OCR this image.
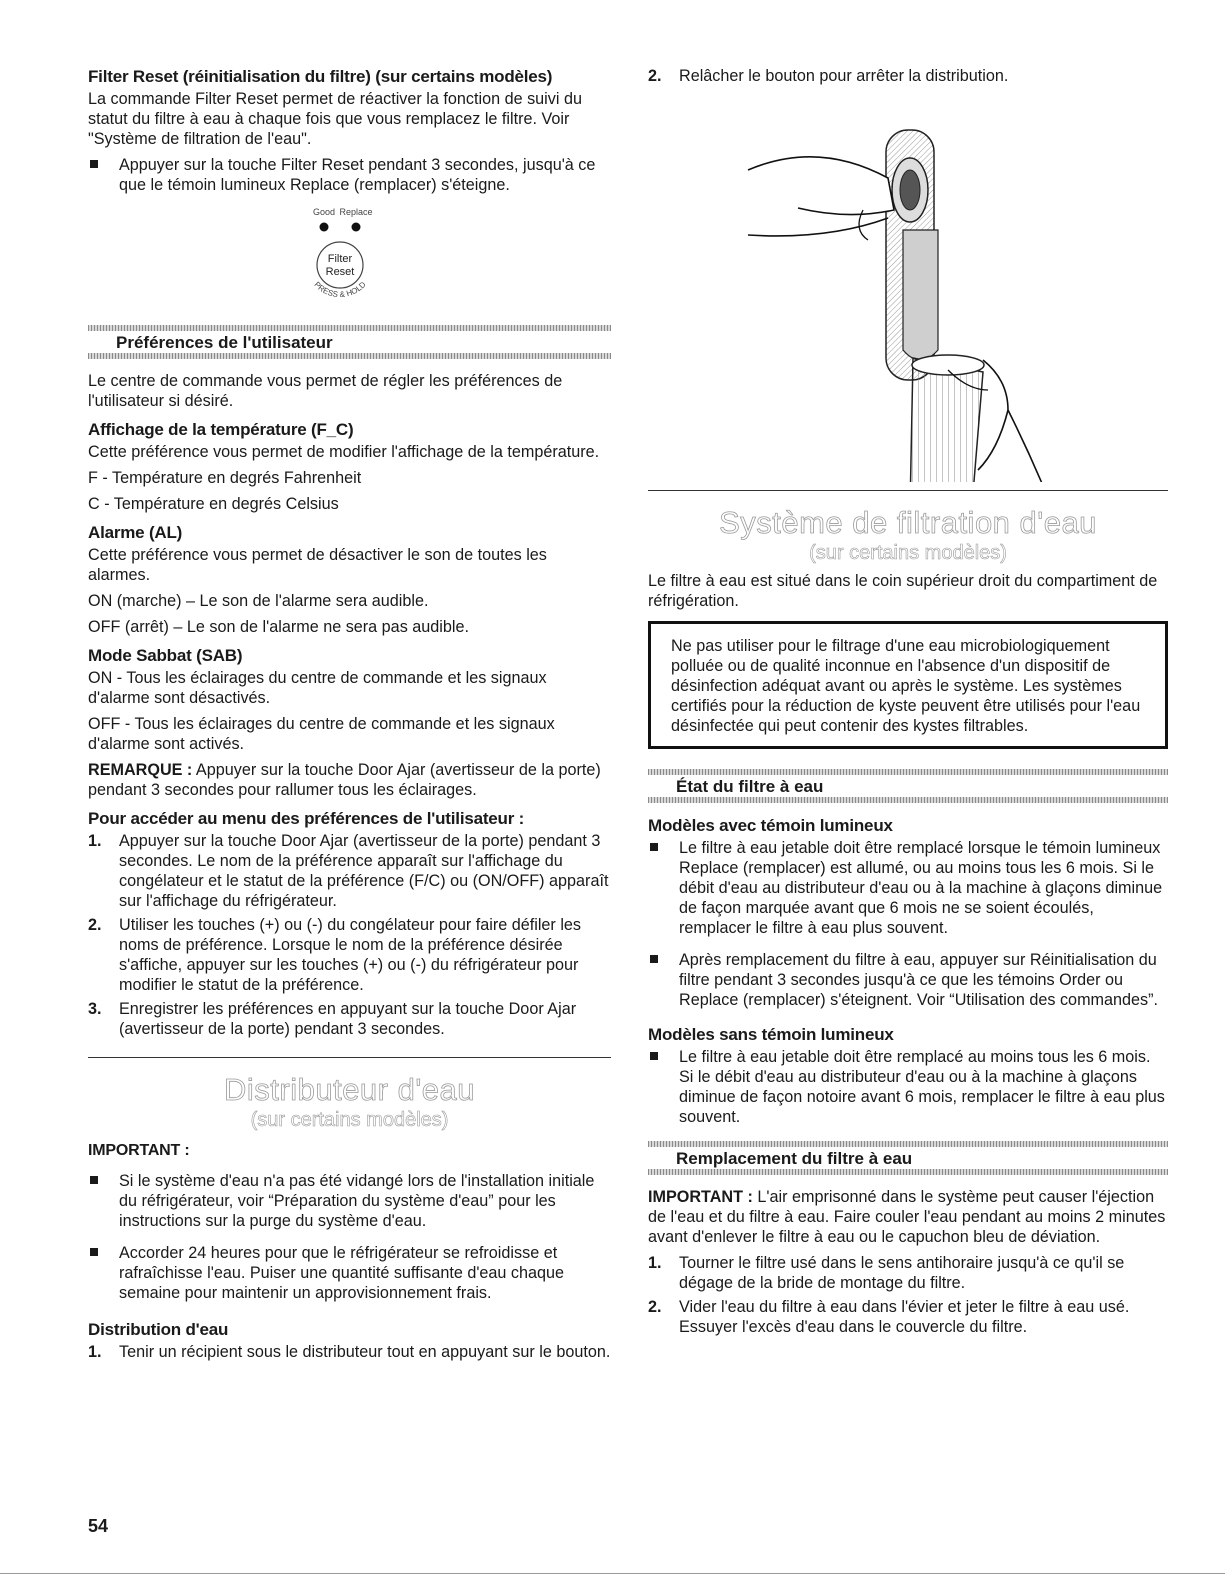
Filter Reset (réinitialisation du filtre) (sur certains modèles)

La commande Filter Reset permet de réactiver la fonction de suivi du statut du filtre à eau à chaque fois que vous remplacez le filtre. Voir "Système de filtration de l'eau".

Appuyer sur la touche Filter Reset pendant 3 secondes, jusqu'à ce que le témoin lumineux Replace (remplacer) s'éteigne.
Good Replace
Filter
Reset
PRESS & HOLD
Préférences de l'utilisateur

Le centre de commande vous permet de régler les préférences de l'utilisateur si désiré.

Affichage de la température (F_C)

Cette préférence vous permet de modifier l'affichage de la température.

F - Température en degrés Fahrenheit

C - Température en degrés Celsius

Alarme (AL)

Cette préférence vous permet de désactiver le son de toutes les alarmes.

ON (marche) – Le son de l'alarme sera audible.

OFF (arrêt) – Le son de l'alarme ne sera pas audible.

Mode Sabbat (SAB)

ON - Tous les éclairages du centre de commande et les signaux d'alarme sont désactivés.

OFF - Tous les éclairages du centre de commande et les signaux d'alarme sont activés.

REMARQUE : Appuyer sur la touche Door Ajar (avertisseur de la porte) pendant 3 secondes pour rallumer tous les éclairages.

Pour accéder au menu des préférences de l'utilisateur :
1. Appuyer sur la touche Door Ajar (avertisseur de la porte) pendant 3 secondes. Le nom de la préférence apparaît sur l'affichage du congélateur et le statut de la préférence (F/C) ou (ON/OFF) apparaît sur l'affichage du réfrigérateur.
2. Utiliser les touches (+) ou (-) du congélateur pour faire défiler les noms de préférence. Lorsque le nom de la préférence désirée s'affiche, appuyer sur les touches (+) ou (-) du réfrigérateur pour modifier le statut de la préférence.
3. Enregistrer les préférences en appuyant sur la touche Door Ajar (avertisseur de la porte) pendant 3 secondes.
Distributeur d'eau
(sur certains modèles)
IMPORTANT :
Si le système d'eau n'a pas été vidangé lors de l'installation initiale du réfrigérateur, voir “Préparation du système d'eau” pour les instructions sur la purge du système d'eau.
Accorder 24 heures pour que le réfrigérateur se refroidisse et rafraîchisse l'eau. Puiser une quantité suffisante d'eau chaque semaine pour maintenir un approvisionnement frais.
Distribution d'eau
1. Tenir un récipient sous le distributeur tout en appuyant sur le bouton.
2. Relâcher le bouton pour arrêter la distribution.
Système de filtration d'eau
(sur certains modèles)

Le filtre à eau est situé dans le coin supérieur droit du compartiment de réfrigération.

Ne pas utiliser pour le filtrage d'une eau microbiologiquement polluée ou de qualité inconnue en l'absence d'un dispositif de désinfection adéquat avant ou après le système. Les systèmes certifiés pour la réduction de kyste peuvent être utilisés pour l'eau désinfectée qui peut contenir des kystes filtrables.
État du filtre à eau
Modèles avec témoin lumineux
Le filtre à eau jetable doit être remplacé lorsque le témoin lumineux Replace (remplacer) est allumé, ou au moins tous les 6 mois. Si le débit d'eau au distributeur d'eau ou à la machine à glaçons diminue de façon marquée avant que 6 mois ne se soient écoulés, remplacer le filtre à eau plus souvent.
Après remplacement du filtre à eau, appuyer sur Réinitialisation du filtre pendant 3 secondes jusqu'à ce que les témoins Order ou Replace (remplacer) s'éteignent. Voir “Utilisation des commandes”.
Modèles sans témoin lumineux
Le filtre à eau jetable doit être remplacé au moins tous les 6 mois. Si le débit d'eau au distributeur d'eau ou à la machine à glaçons diminue de façon notoire avant 6 mois, remplacer le filtre à eau plus souvent.
Remplacement du filtre à eau

IMPORTANT : L'air emprisonné dans le système peut causer l'éjection de l'eau et du filtre à eau. Faire couler l'eau pendant au moins 2 minutes avant d'enlever le filtre à eau ou le capuchon bleu de déviation.

1. Tourner le filtre usé dans le sens antihoraire jusqu'à ce qu'il se dégage de la bride de montage du filtre.
2. Vider l'eau du filtre à eau dans l'évier et jeter le filtre à eau usé. Essuyer l'excès d'eau dans le couvercle du filtre.
54
